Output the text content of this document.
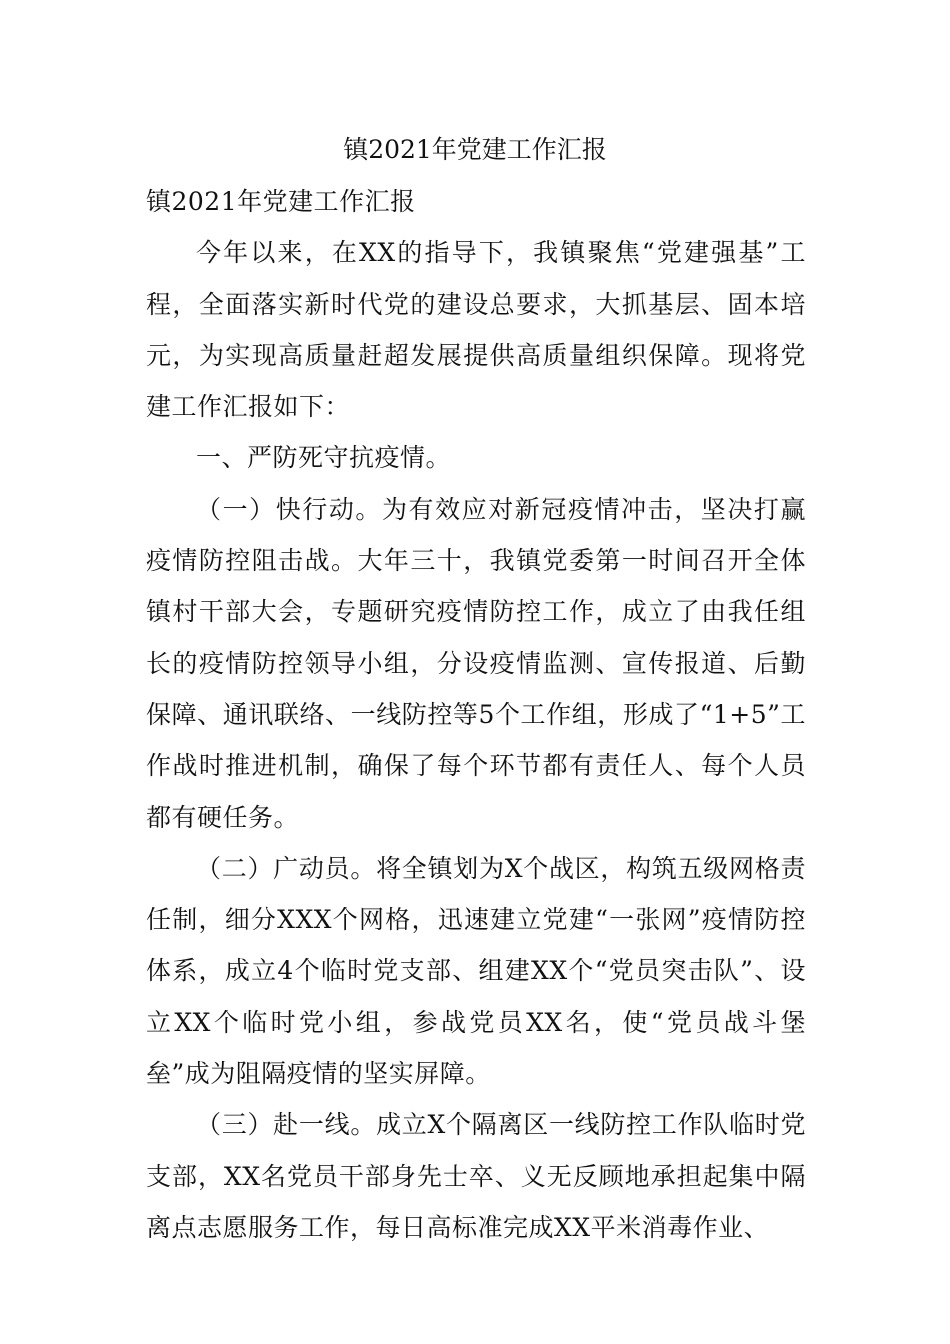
镇2021年党建工作汇报

镇2021年党建工作汇报

今年以来，在XX的指导下，我镇聚焦“党建强基”工程，全面落实新时代党的建设总要求，大抓基层、固本培元，为实现高质量赶超发展提供高质量组织保障。现将党建工作汇报如下：

一、严防死守抗疫情。

（一）快行动。为有效应对新冠疫情冲击，坚决打赢疫情防控阻击战。大年三十，我镇党委第一时间召开全体镇村干部大会，专题研究疫情防控工作，成立了由我任组长的疫情防控领导小组，分设疫情监测、宣传报道、后勤保障、通讯联络、一线防控等5个工作组，形成了“1+5”工作战时推进机制，确保了每个环节都有责任人、每个人员都有硬任务。

（二）广动员。将全镇划为X个战区，构筑五级网格责任制，细分XXX个网格，迅速建立党建“一张网”疫情防控体系，成立4个临时党支部、组建XX个“党员突击队”、设立XX个临时党小组，参战党员XX名，使“党员战斗堡垒”成为阻隔疫情的坚实屏障。

（三）赴一线。成立X个隔离区一线防控工作队临时党支部，XX名党员干部身先士卒、义无反顾地承担起集中隔离点志愿服务工作，每日高标准完成XX平米消毒作业、
